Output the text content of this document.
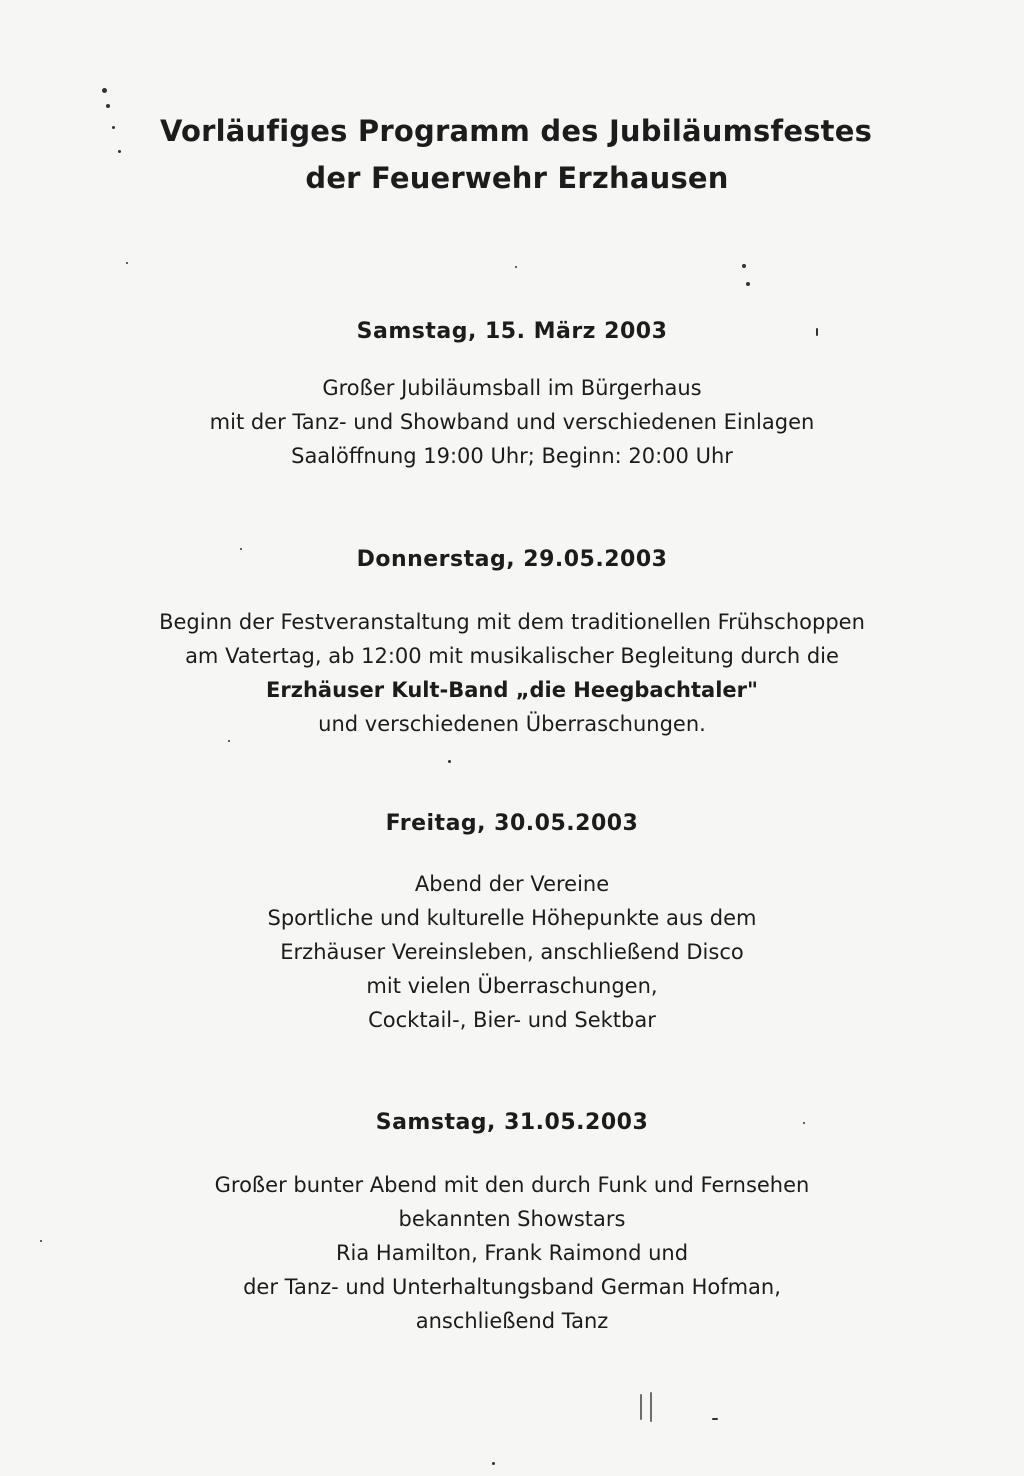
Vorläufiges Programm des Jubiläumsfestes
der Feuerwehr Erzhausen
Samstag, 15. März 2003
Großer Jubiläumsball im Bürgerhaus
mit der Tanz- und Showband und verschiedenen Einlagen
Saalöffnung 19:00 Uhr; Beginn: 20:00 Uhr
Donnerstag, 29.05.2003
Beginn der Festveranstaltung mit dem traditionellen Frühschoppen
am Vatertag, ab 12:00 mit musikalischer Begleitung durch die
Erzhäuser Kult-Band „die Heegbachtaler"
und verschiedenen Überraschungen.
Freitag, 30.05.2003
Abend der Vereine
Sportliche und kulturelle Höhepunkte aus dem
Erzhäuser Vereinsleben, anschließend Disco
mit vielen Überraschungen,
Cocktail-, Bier- und Sektbar
Samstag, 31.05.2003
Großer bunter Abend mit den durch Funk und Fernsehen
bekannten Showstars
Ria Hamilton, Frank Raimond und
der Tanz- und Unterhaltungsband German Hofman,
anschließend Tanz
